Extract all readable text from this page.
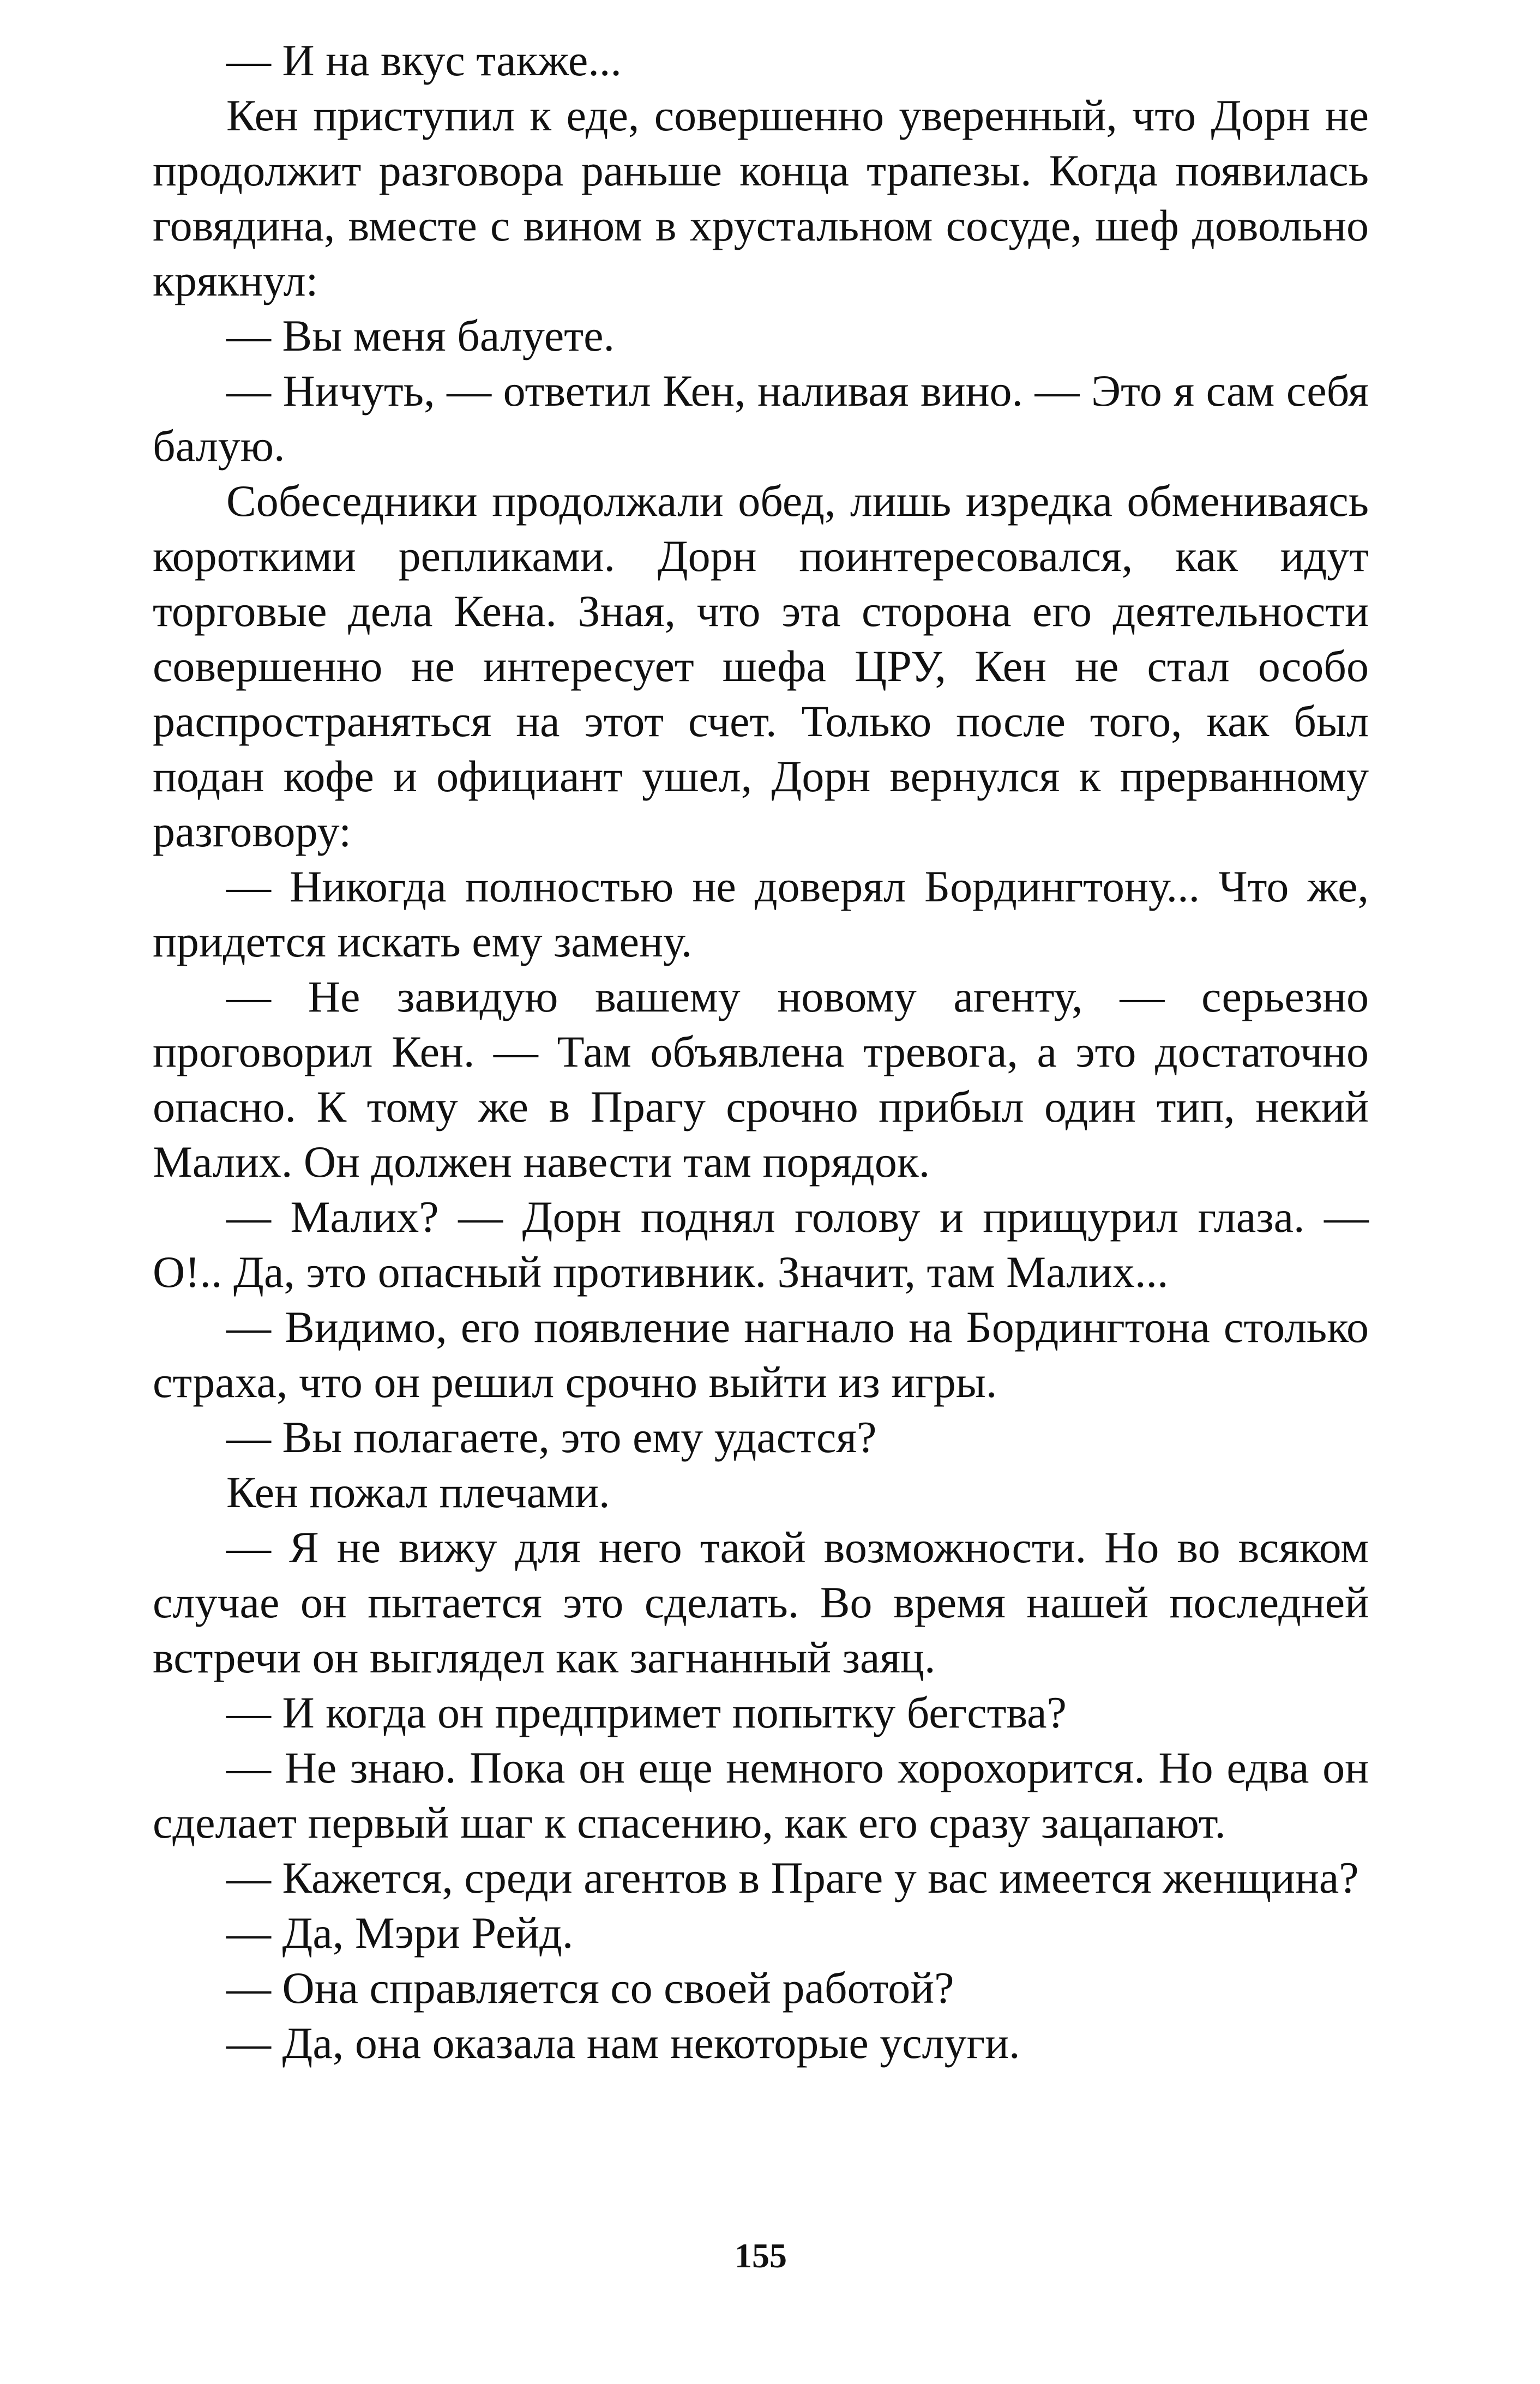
— И на вкус также...

Кен приступил к еде, совершенно уверенный, что Дорн не продолжит разговора раньше конца трапезы. Когда появилась говядина, вместе с вином в хрустальном сосуде, шеф довольно крякнул:

— Вы меня балуете.

— Ничуть, — ответил Кен, наливая вино. — Это я сам себя балую.

Собеседники продолжали обед, лишь изредка обмениваясь короткими репликами. Дорн поинтересовался, как идут торговые дела Кена. Зная, что эта сторона его деятельности совершенно не интересует шефа ЦРУ, Кен не стал особо распространяться на этот счет. Только после того, как был подан кофе и официант ушел, Дорн вернулся к прерванному разговору:

— Никогда полностью не доверял Бордингтону... Что же, придется искать ему замену.

— Не завидую вашему новому агенту, — серьезно проговорил Кен. — Там объявлена тревога, а это достаточно опасно. К тому же в Прагу срочно прибыл один тип, некий Малих. Он должен навести там порядок.

— Малих? — Дорн поднял голову и прищурил глаза. — О!.. Да, это опасный противник. Значит, там Малих...

— Видимо, его появление нагнало на Бордингтона столько страха, что он решил срочно выйти из игры.

— Вы полагаете, это ему удастся?

Кен пожал плечами.

— Я не вижу для него такой возможности. Но во всяком случае он пытается это сделать. Во время нашей последней встречи он выглядел как загнанный заяц.

— И когда он предпримет попытку бегства?

— Не знаю. Пока он еще немного хорохорится. Но едва он сделает первый шаг к спасению, как его сразу зацапают.

— Кажется, среди агентов в Праге у вас имеется женщина?

— Да, Мэри Рейд.

— Она справляется со своей работой?

— Да, она оказала нам некоторые услуги.

155
